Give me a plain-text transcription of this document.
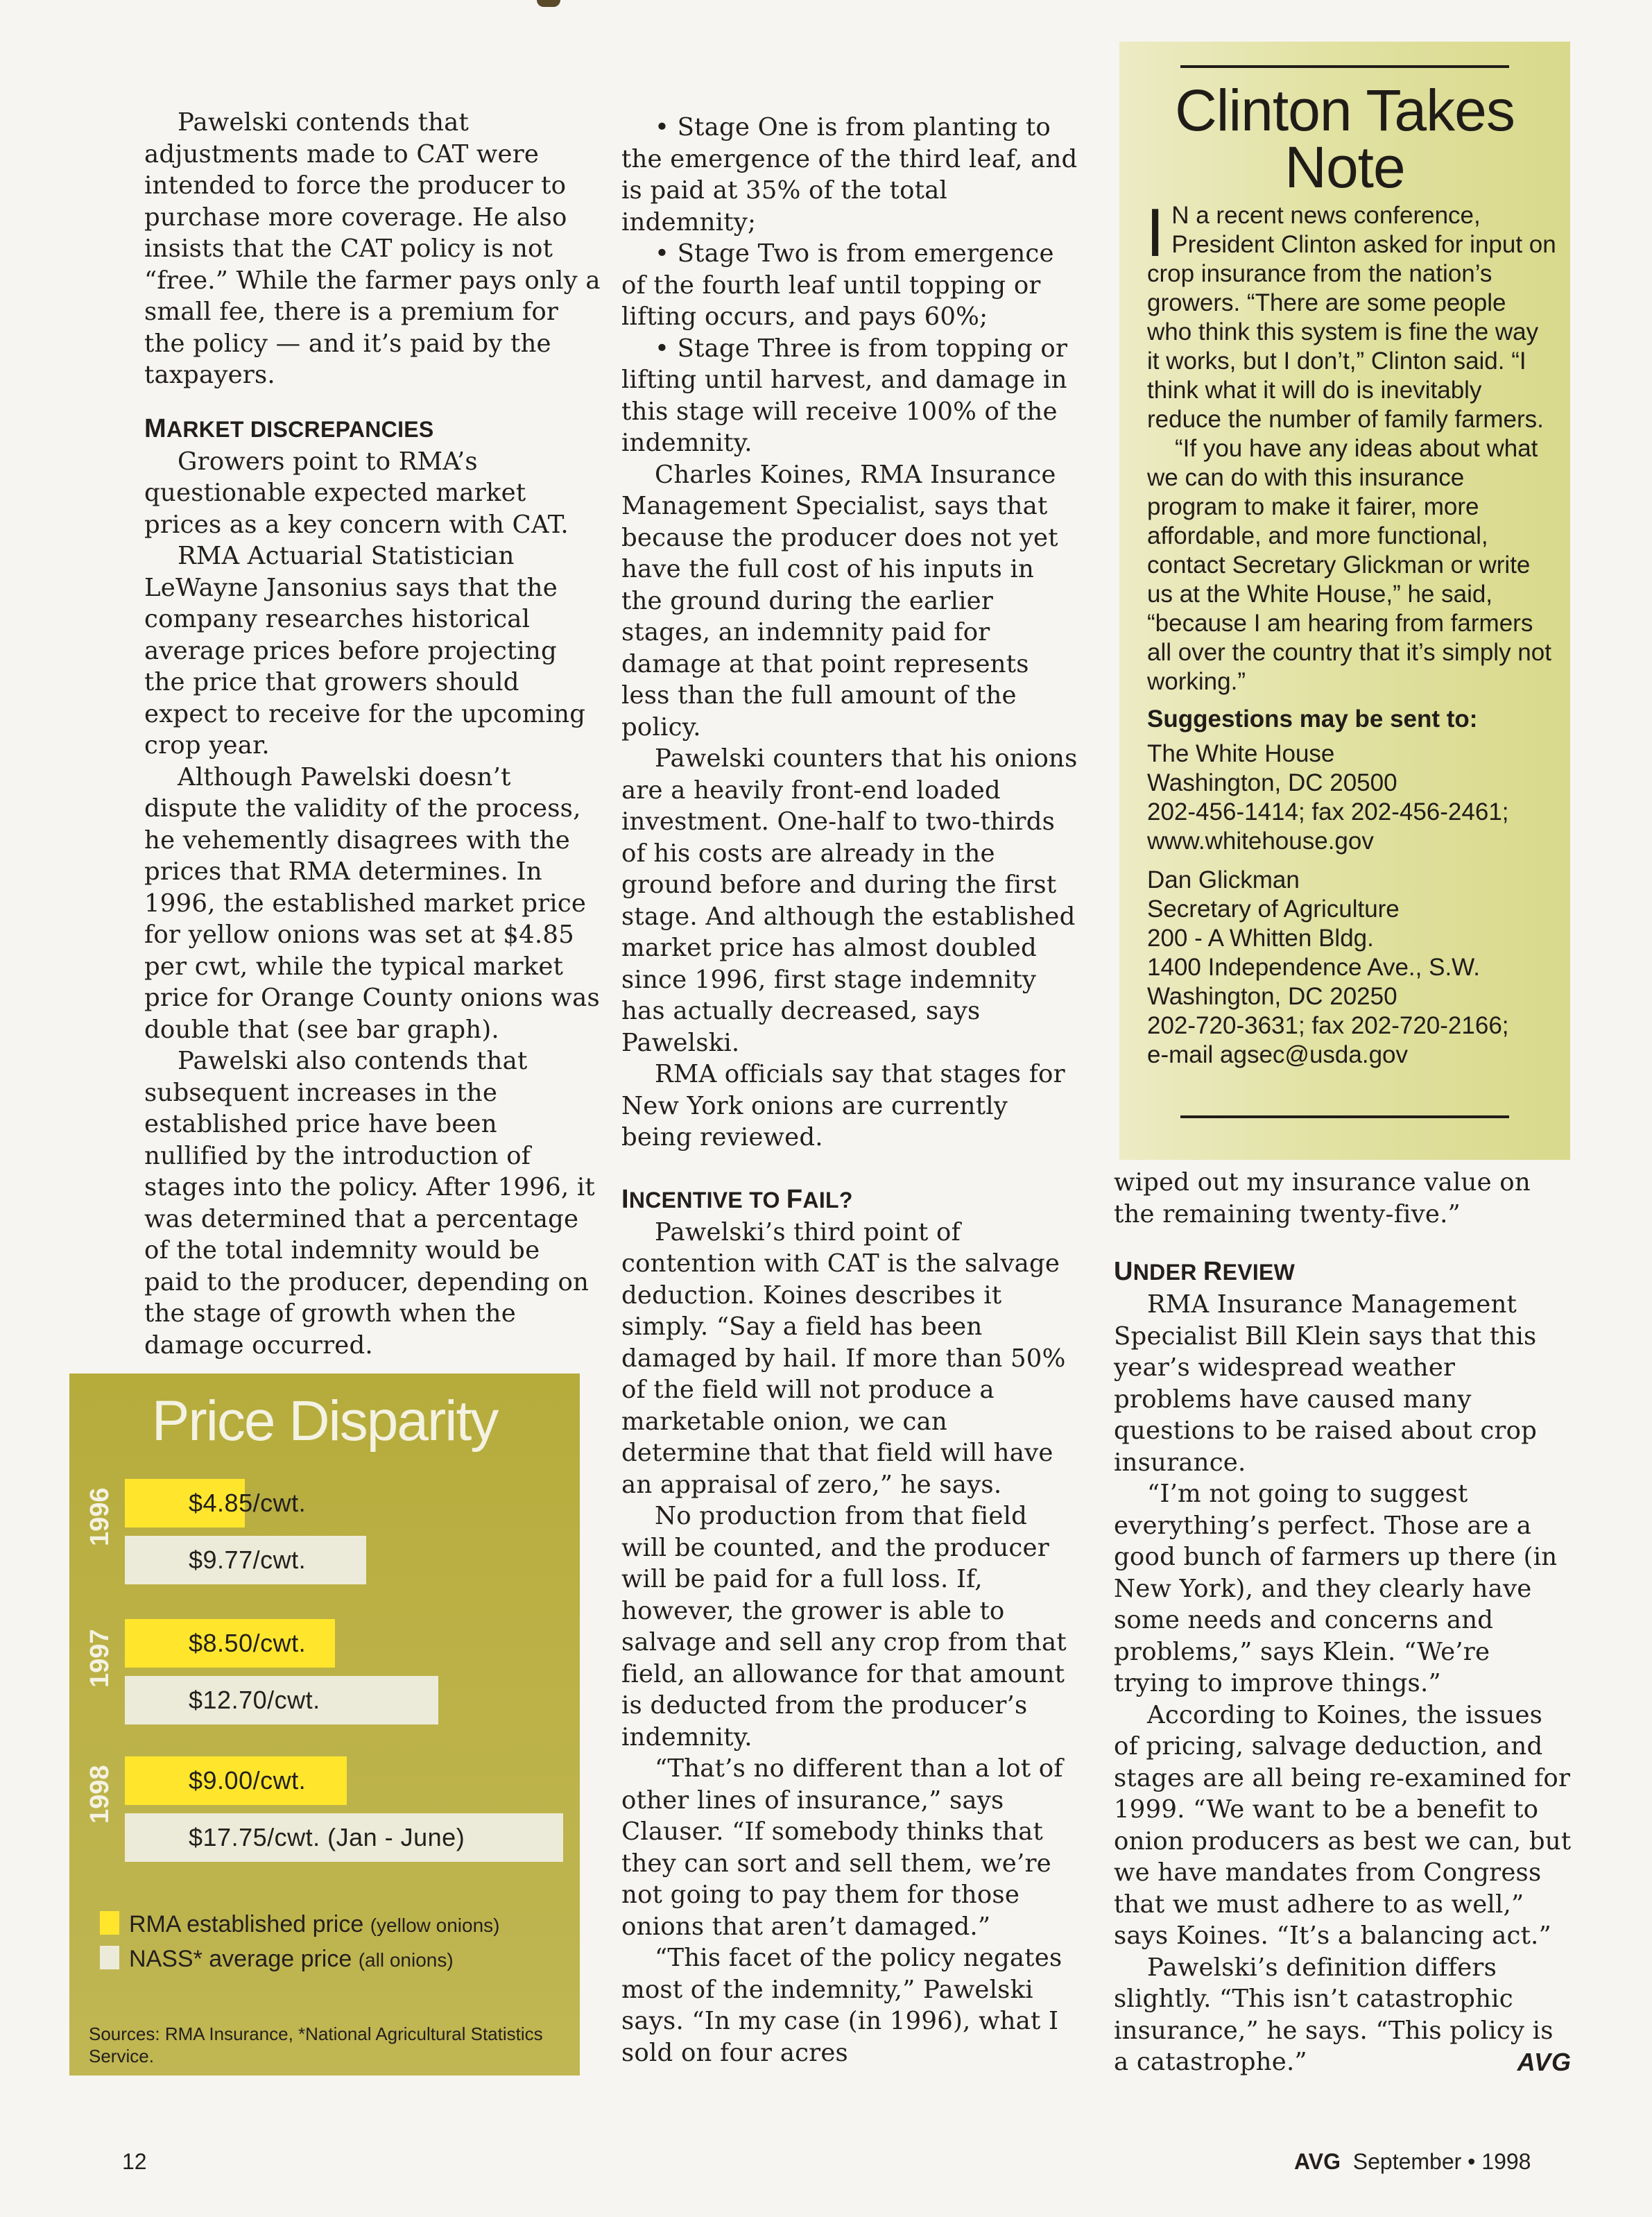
Pawelski contends that adjustments made to CAT were intended to force the producer to purchase more coverage. He also insists that the CAT policy is not “free.” While the farmer pays only a small fee, there is a premium for the policy — and it’s paid by the taxpayers.

MARKET DISCREPANCIES

Growers point to RMA’s questionable expected market prices as a key concern with CAT.

RMA Actuarial Statistician LeWayne Jansonius says that the company researches historical average prices before projecting the price that growers should expect to receive for the upcoming crop year.

Although Pawelski doesn’t dispute the validity of the process, he vehemently disagrees with the prices that RMA determines. In 1996, the established market price for yellow onions was set at $4.85 per cwt, while the typical market price for Orange County onions was double that (see bar graph).

Pawelski also contends that subsequent increases in the established price have been nullified by the introduction of stages into the policy. After 1996, it was determined that a percentage of the total indemnity would be paid to the producer, depending on the stage of growth when the damage occurred.

• Stage One is from planting to the emergence of the third leaf, and is paid at 35% of the total indemnity;

• Stage Two is from emergence of the fourth leaf until topping or lifting occurs, and pays 60%;

• Stage Three is from topping or lifting until harvest, and damage in this stage will receive 100% of the indemnity.

Charles Koines, RMA Insurance Management Specialist, says that because the producer does not yet have the full cost of his inputs in the ground during the earlier stages, an indemnity paid for damage at that point represents less than the full amount of the policy.

Pawelski counters that his onions are a heavily front-end loaded investment. One-half to two-thirds of his costs are already in the ground before and during the first stage. And although the established market price has almost doubled since 1996, first stage indemnity has actually decreased, says Pawelski.

RMA officials say that stages for New York onions are currently being reviewed.

INCENTIVE TO FAIL?

Pawelski’s third point of contention with CAT is the salvage deduction. Koines describes it simply. “Say a field has been damaged by hail. If more than 50% of the field will not produce a marketable onion, we can determine that that field will have an appraisal of zero,” he says.

No production from that field will be counted, and the producer will be paid for a full loss. If, however, the grower is able to salvage and sell any crop from that field, an allowance for that amount is deducted from the producer’s indemnity.

“That’s no different than a lot of other lines of insurance,” says Clauser. “If somebody thinks that they can sort and sell them, we’re not going to pay them for those onions that aren’t damaged.”

“This facet of the policy negates most of the indemnity,” Pawelski says. “In my case (in 1996), what I sold on four acres

wiped out my insurance value on the remaining twenty-five.”

UNDER REVIEW

RMA Insurance Management Specialist Bill Klein says that this year’s widespread weather problems have caused many questions to be raised about crop insurance.

“I’m not going to suggest everything’s perfect. Those are a good bunch of farmers up there (in New York), and they clearly have some needs and concerns and problems,” says Klein. “We’re trying to improve things.”

According to Koines, the issues of pricing, salvage deduction, and stages are all being re-examined for 1999. “We want to be a benefit to onion producers as best we can, but we have mandates from Congress that we must adhere to as well,” says Koines. “It’s a balancing act.”

Pawelski’s definition differs slightly. “This isn’t catastrophic insurance,” he says. “This policy is a catastrophe.”	AVG

Clinton Takes
Note

I N a recent news conference, President Clinton asked for input on crop insurance from the nation’s growers. “There are some people who think this system is fine the way it works, but I don’t,” Clinton said. “I think what it will do is inevitably reduce the number of family farmers.

“If you have any ideas about what we can do with this insurance program to make it fairer, more affordable, and more functional, contact Secretary Glickman or write us at the White House,” he said, “because I am hearing from farmers all over the country that it’s simply not working.”

Suggestions may be sent to:

The White House
Washington, DC 20500
202-456-1414; fax 202-456-2461;
www.whitehouse.gov
Dan Glickman
Secretary of Agriculture
200 - A Whitten Bldg.
1400 Independence Ave., S.W.
Washington, DC 20250
202-720-3631; fax 202-720-2166;
e-mail agsec@usda.gov
Price Disparity
1996	$4.85/cwt.
$9.77/cwt.
1997	$8.50/cwt.
$12.70/cwt.
1998	$9.00/cwt.
$17.75/cwt. (Jan - June)
RMA established price (yellow onions)
NASS* average price (all onions)
Sources: RMA Insurance, *National Agricultural Statistics Service.
12	AVG September • 1998
